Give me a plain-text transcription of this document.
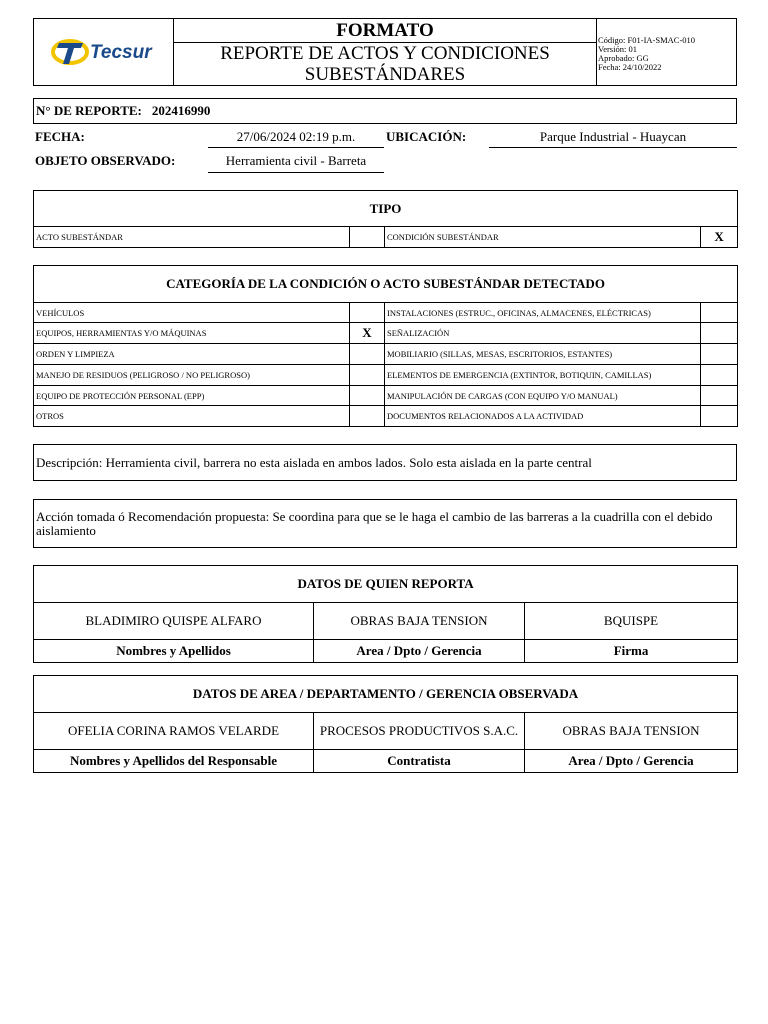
Tecsur
FORMATO
REPORTE DE ACTOS Y CONDICIONES
SUBESTÁNDARES
Código: F01-IA-SMAC-010
Versión: 01
Aprobado: GG
Fecha: 24/10/2022
N° DE REPORTE: 202416990
FECHA:	27/06/2024 02:19 p.m.	UBICACIÓN:	Parque Industrial - Huaycan
OBJETO OBSERVADO:	Herramienta civil - Barreta
TIPO
ACTO SUBESTÁNDAR		CONDICIÓN SUBESTÁNDAR	X
CATEGORÍA DE LA CONDICIÓN O ACTO SUBESTÁNDAR DETECTADO			
VEHÍCULOS		INSTALACIONES (ESTRUC., OFICINAS, ALMACENES, ELÉCTRICAS)	
EQUIPOS, HERRAMIENTAS Y/O MÁQUINAS	X	SEÑALIZACIÓN	
ORDEN Y LIMPIEZA		MOBILIARIO (SILLAS, MESAS, ESCRITORIOS, ESTANTES)	
MANEJO DE RESIDUOS (PELIGROSO / NO PELIGROSO)		ELEMENTOS DE EMERGENCIA (EXTINTOR, BOTIQUIN, CAMILLAS)	
EQUIPO DE PROTECCIÓN PERSONAL (EPP)		MANIPULACIÓN DE CARGAS (CON EQUIPO Y/O MANUAL)	
OTROS		DOCUMENTOS RELACIONADOS A LA ACTIVIDAD	
Descripción: Herramienta civil, barrera no esta aislada en ambos lados. Solo esta aislada en la parte central
Acción tomada ó Recomendación propuesta: Se coordina para que se le haga el cambio de las barreras a la cuadrilla con el debido aislamiento
DATOS DE QUIEN REPORTA		
BLADIMIRO QUISPE ALFARO	OBRAS BAJA TENSION	BQUISPE
Nombres y Apellidos	Area / Dpto / Gerencia	Firma
DATOS DE AREA / DEPARTAMENTO / GERENCIA OBSERVADA		
OFELIA CORINA RAMOS VELARDE	PROCESOS PRODUCTIVOS S.A.C.	OBRAS BAJA TENSION
Nombres y Apellidos del Responsable	Contratista	Area / Dpto / Gerencia
